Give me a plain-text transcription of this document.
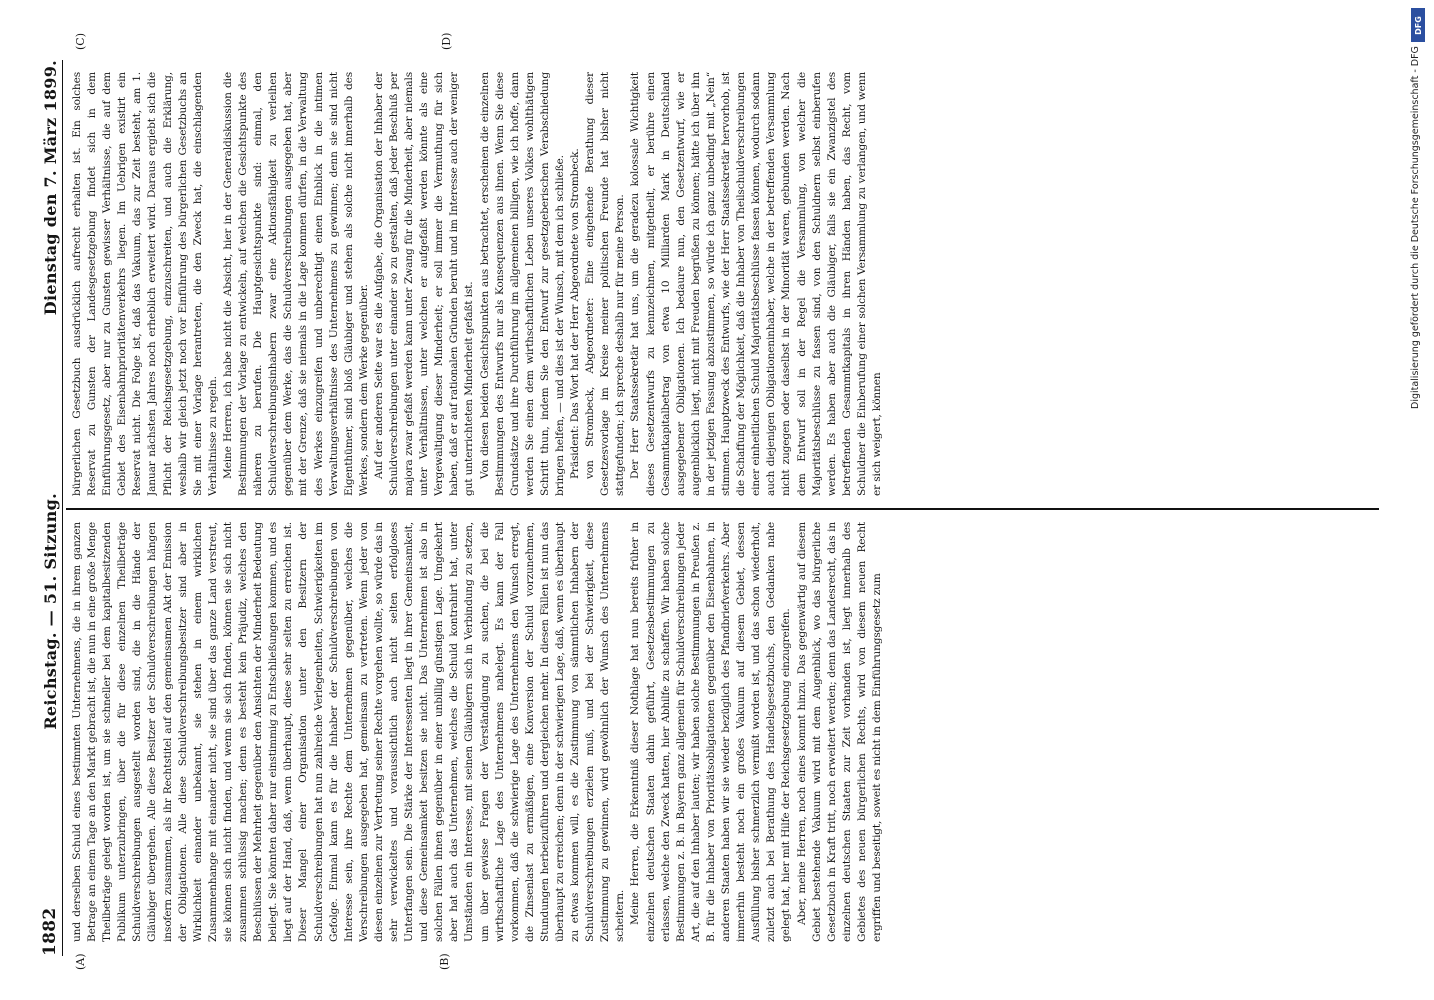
1882
Reichstag. — 51. Sitzung.
Dienstag den 7. März 1899.
(A)	(B)
(C)	(D)

und derselben Schuld eines bestimmten Unternehmens, die in ihrem ganzen Betrage an einem Tage an den Markt gebracht ist, die nun in eine große Menge Theilbeträge gelegt worden ist, um sie schneller bei dem kapitalbesitzenden Publikum unterzubringen, über die für diese einzelnen Theilbeträge Schuldverschreibungen ausgestellt worden sind, die in die Hände der Gläubiger übergehen. Alle diese Besitzer der Schuldverschreibungen hängen insofern zusammen, als ihr Rechtstitel auf den gemeinsamen Akt der Emission der Obligationen. Alle diese Schuldverschreibungsbesitzer sind aber in Wirklichkeit einander unbekannt, sie stehen in einem wirklichen Zusammenhange mit einander nicht, sie sind über das ganze Land verstreut, sie können sich nicht finden, und wenn sie sich finden, können sie sich nicht zusammen schlüssig machen; denn es besteht kein Präjudiz, welches den Beschlüssen der Mehrheit gegenüber den Ansichten der Minderheit Bedeutung beilegt. Sie könnten daher nur einstimmig zu Entschließungen kommen, und es liegt auf der Hand, daß, wenn überhaupt, diese sehr selten zu erreichen ist. Dieser Mangel einer Organisation unter den Besitzern der Schuldverschreibungen hat nun zahlreiche Verlegenheiten, Schwierigkeiten im Gefolge. Einmal kann es für die Inhaber der Schuldverschreibungen von Interesse sein, ihre Rechte dem Unternehmen gegenüber, welches die Verschreibungen ausgegeben hat, gemeinsam zu vertreten. Wenn jeder von diesen einzelnen zur Vertretung seiner Rechte vorgehen wollte, so würde das in sehr verwickeltes und voraussichtlich auch nicht selten erfolgloses Unterfangen sein. Die Stärke der Interessenten liegt in ihrer Gemeinsamkeit, und diese Gemeinsamkeit besitzen sie nicht. Das Unternehmen ist also in solchen Fällen ihnen gegenüber in einer unbillig günstigen Lage. Umgekehrt aber hat auch das Unternehmen, welches die Schuld kontrahirt hat, unter Umständen ein Interesse, mit seinen Gläubigern sich in Verbindung zu setzen, um über gewisse Fragen der Verständigung zu suchen, die bei die wirthschaftliche Lage des Unternehmens nahelegt. Es kann der Fall vorkommen, daß die schwierige Lage des Unternehmens den Wunsch erregt, die Zinsenlast zu ermäßigen, eine Konversion der Schuld vorzunehmen, Stundungen herbeizuführen und dergleichen mehr. In diesen Fällen ist nun das überhaupt zu erreichen; denn in der schwierigen Lage, daß, wenn es überhaupt zu etwas kommen will, es die Zustimmung von sämmtlichen Inhabern der Schuldverschreibungen erzielen muß, und bei der Schwierigkeit, diese Zustimmung zu gewinnen, wird gewöhnlich der Wunsch des Unternehmens scheitern. Meine Herren, die Erkenntniß dieser Nothlage hat nun bereits früher in einzelnen deutschen Staaten dahin geführt, Gesetzesbestimmungen zu erlassen, welche den Zweck hatten, hier Abhilfe zu schaffen. Wir haben solche Bestimmungen z. B. in Bayern ganz allgemein für Schuldverschreibungen jeder Art, die auf den Inhaber lauten; wir haben solche Bestimmungen in Preußen z. B. für die Inhaber von Prioritätsobligationen gegenüber den Eisenbahnen, in anderen Staaten haben wir sie wieder bezüglich des Pfandbriefverkehrs. Aber immerhin besteht noch ein großes Vakuum auf diesem Gebiet, dessen Ausfüllung bisher schmerzlich vermißt worden ist, und das schon wiederholt, zuletzt auch bei Berathung des Handelsgesetzbuchs, den Gedanken nahe gelegt hat, hier mit Hilfe der Reichsgesetzgebung einzugreifen. Aber, meine Herren, noch eines kommt hinzu. Das gegenwärtig auf diesem Gebiet bestehende Vakuum wird mit dem Augenblick, wo das bürgerliche Gesetzbuch in Kraft tritt, noch erweitert werden; denn das Landesrecht, das in einzelnen deutschen Staaten zur Zeit vorhanden ist, liegt innerhalb des Gebietes des neuen bürgerlichen Rechts, wird von diesem neuen Recht ergriffen und beseitigt, soweit es nicht in dem Einführungsgesetz zum

bürgerlichen Gesetzbuch ausdrücklich aufrecht erhalten ist. Ein solches Reservat zu Gunsten der Landesgesetzgebung findet sich in dem Einführungsgesetz, aber nur zu Gunsten gewisser Verhältnisse, die auf dem Gebiet des Eisenbahnprioritätenverkehrs liegen. Im Uebrigen existirt ein Reservat nicht. Die Folge ist, daß das Vakuum, das zur Zeit besteht, am 1. Januar nächsten Jahres noch erheblich erweitert wird. Daraus ergiebt sich die Pflicht der Reichsgesetzgebung, einzuschreiten, und auch die Erklärung, weshalb wir gleich jetzt noch vor Einführung des bürgerlichen Gesetzbuchs an Sie mit einer Vorlage herantreten, die den Zweck hat, die einschlagenden Verhältnisse zu regeln. Meine Herren, ich habe nicht die Absicht, hier in der Generaldiskussion die Bestimmungen der Vorlage zu entwickeln, auf welchen die Gesichtspunkte des näheren zu berufen. Die Hauptgesichtspunkte sind: einmal, den Schuldverschreibungsinhabern zwar eine Aktionsfähigkeit zu verleihen gegenüber dem Werke, das die Schuldverschreibungen ausgegeben hat, aber mit der Grenze, daß sie niemals in die Lage kommen dürfen, in die Verwaltung des Werkes einzugreifen und unberechtigt einen Einblick in die intimen Verwaltungsverhältnisse des Unternehmens zu gewinnen; denn sie sind nicht Eigenthümer, sind bloß Gläubiger und stehen als solche nicht innerhalb des Werkes, sondern dem Werke gegenüber. Auf der anderen Seite war es die Aufgabe, die Organisation der Inhaber der Schuldverschreibungen unter einander so zu gestalten, daß jeder Beschluß per majora zwar gefaßt werden kann unter Zwang für die Minderheit, aber niemals unter Verhältnissen, unter welchen er aufgefaßt werden könnte als eine Vergewaltigung dieser Minderheit; er soll immer die Vermuthung für sich haben, daß er auf rationalen Gründen beruht und im Interesse auch der weniger gut unterrichteten Minderheit gefaßt ist. Von diesen beiden Gesichtspunkten aus betrachtet, erscheinen die einzelnen Bestimmungen des Entwurfs nur als Konsequenzen aus ihnen. Wenn Sie diese Grundsätze und ihre Durchführung im allgemeinen billigen, wie ich hoffe, dann werden Sie einen dem wirthschaftlichen Leben unseres Volkes wohlthätigen Schritt thun, indem Sie den Entwurf zur gesetzgeberischen Verabschiedung bringen helfen, — und dies ist der Wunsch, mit dem ich schließe. Präsident: Das Wort hat der Herr Abgeordnete von Strombeck. von Strombeck, Abgeordneter: Eine eingehende Berathung dieser Gesetzesvorlage im Kreise meiner politischen Freunde hat bisher nicht stattgefunden; ich spreche deshalb nur für meine Person. Der Herr Staatssekretär hat uns, um die geradezu kolossale Wichtigkeit dieses Gesetzentwurfs zu kennzeichnen, mitgetheilt, er berühre einen Gesammtkapitalbetrag von etwa 10 Milliarden Mark in Deutschland ausgegebener Obligationen. Ich bedaure nun, den Gesetzentwurf, wie er augenblicklich liegt, nicht mit Freuden begrüßen zu können; hätte ich über ihn in der jetzigen Fassung abzustimmen, so würde ich ganz unbedingt mit „Nein“ stimmen. Hauptzweck des Entwurfs, wie der Herr Staatssekretär hervorhob, ist die Schaffung der Möglichkeit, daß die Inhaber von Theilschuldverschreibungen einer einheitlichen Schuld Majoritätsbeschlüsse fassen können, wodurch sodann auch diejenigen Obligationeninhaber, welche in der betreffenden Versammlung nicht zugegen oder daselbst in der Minorität waren, gebunden werden. Nach dem Entwurf soll in der Regel die Versammlung, von welcher die Majoritätsbeschlüsse zu fassen sind, von den Schuldnern selbst einberufen werden. Es haben aber auch die Gläubiger, falls sie ein Zwanzigstel des betreffenden Gesammtkapitals in ihren Händen haben, das Recht, vom Schuldner die Einberufung einer solchen Versammlung zu verlangen, und wenn er sich weigert, können

DFG
Digitalisierung gefördert durch die Deutsche Forschungsgemeinschaft - DFG
